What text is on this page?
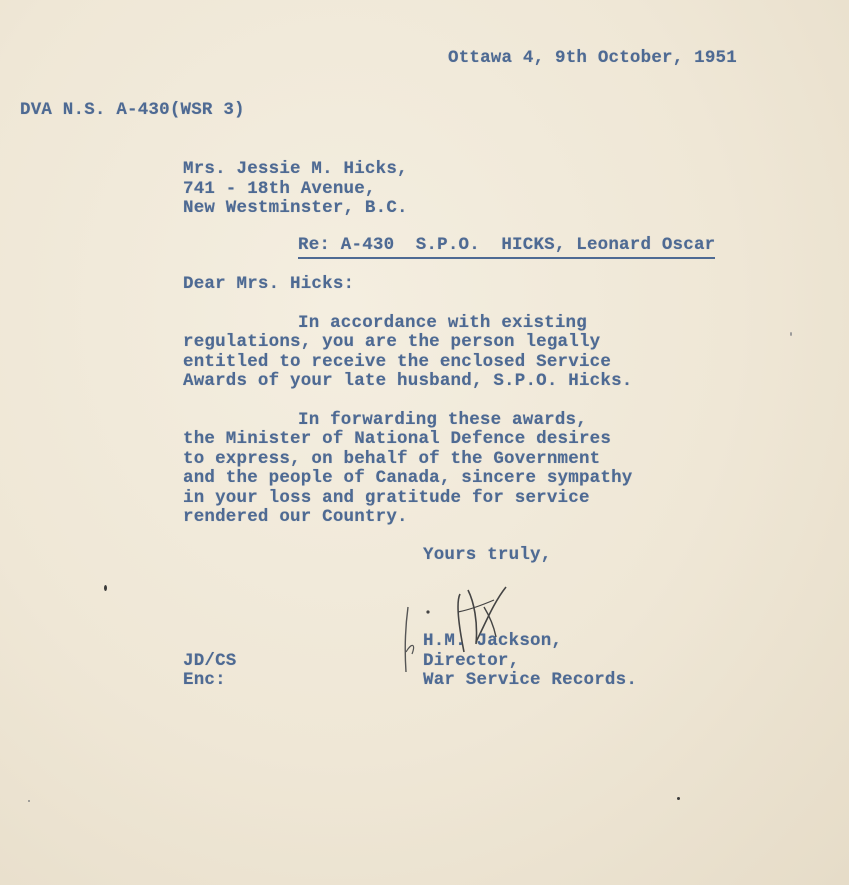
Ottawa 4, 9th October, 1951
DVA N.S. A-430(WSR 3)
Mrs. Jessie M. Hicks,
741 - 18th Avenue,
New Westminster, B.C.
Re: A-430  S.P.O.  HICKS, Leonard Oscar
Dear Mrs. Hicks:
In accordance with existing
regulations, you are the person legally
entitled to receive the enclosed Service
Awards of your late husband, S.P.O. Hicks.
In forwarding these awards,
the Minister of National Defence desires
to express, on behalf of the Government
and the people of Canada, sincere sympathy
in your loss and gratitude for service
rendered our Country.
Yours truly,
H.M. Jackson,
Director,
War Service Records.
JD/CS
Enc:
